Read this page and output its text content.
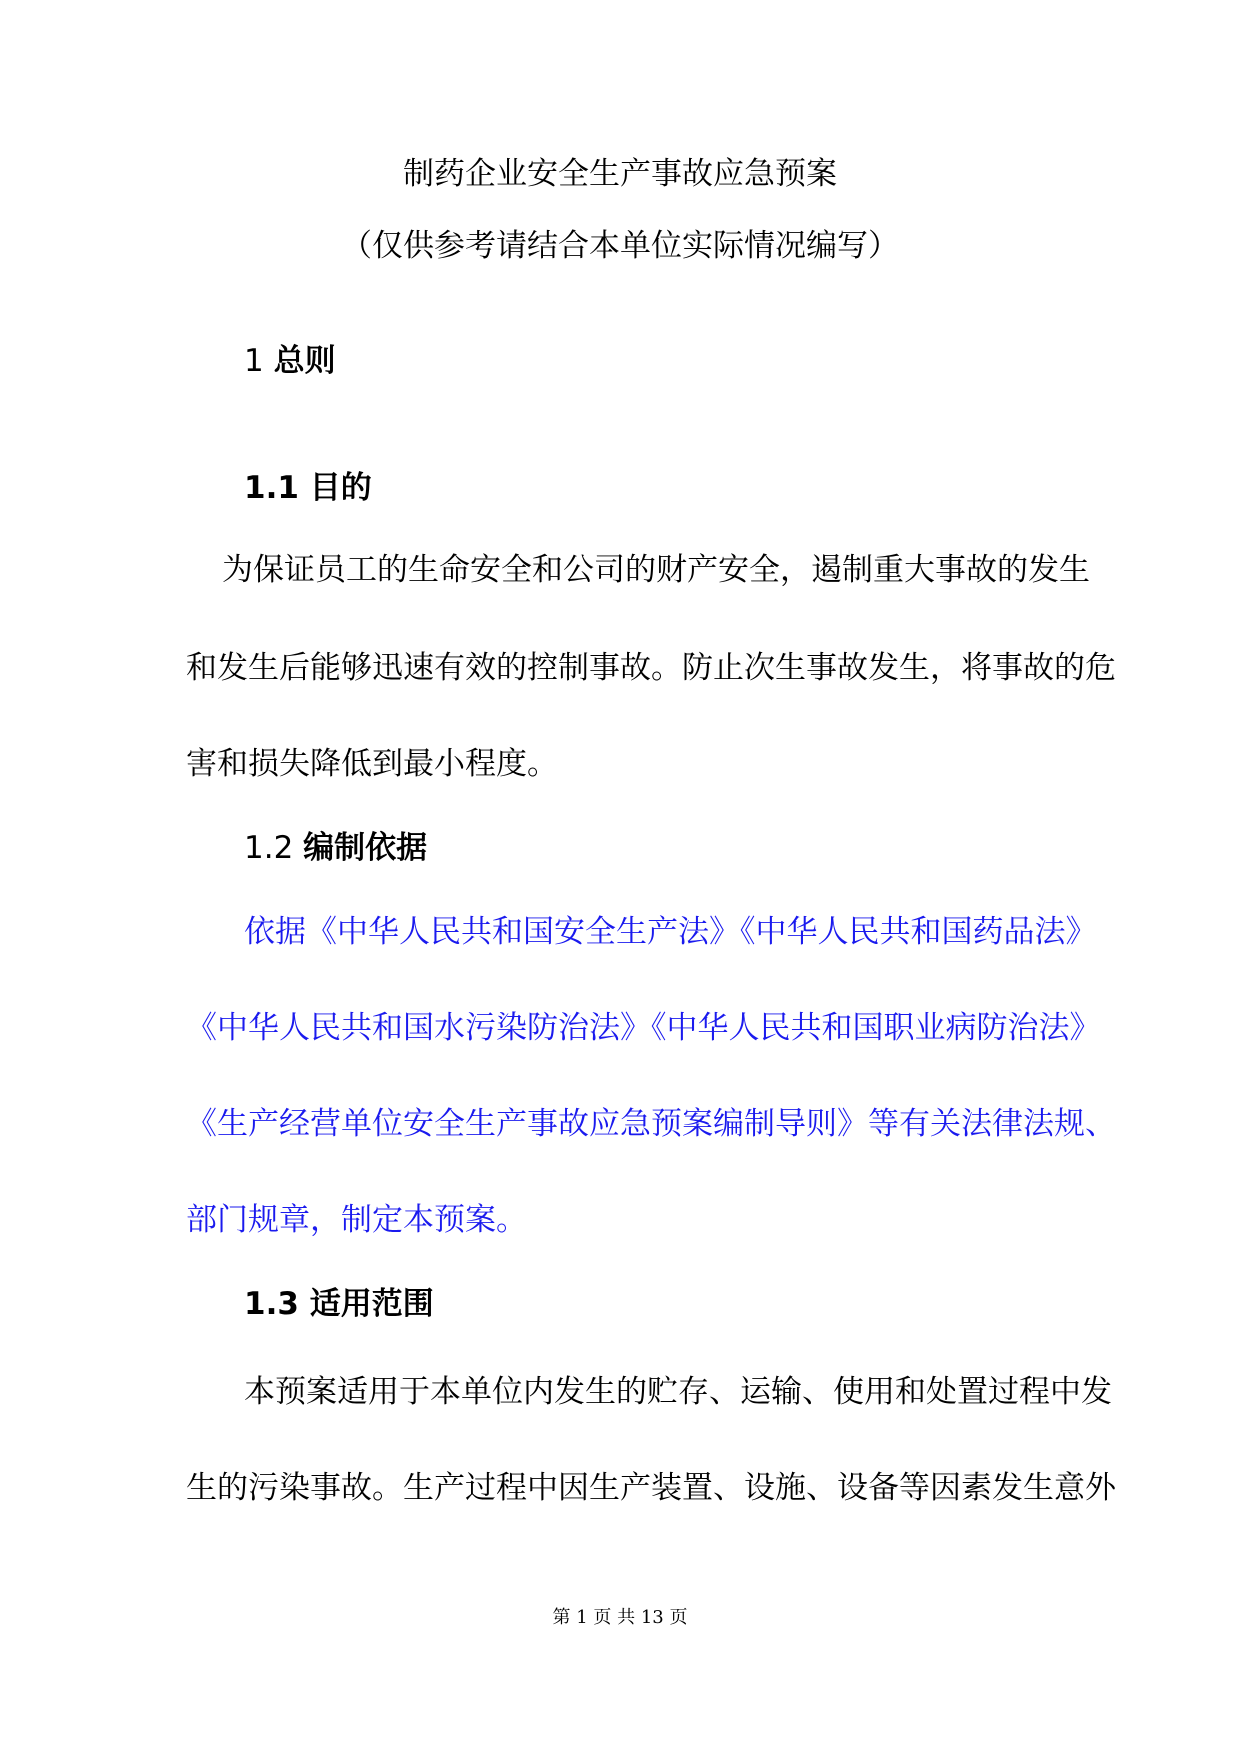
制药企业安全生产事故应急预案
（仅供参考请结合本单位实际情况编写）
1 总则
1.1 目的
为保证员工的生命安全和公司的财产安全，遏制重大事故的发生
和发生后能够迅速有效的控制事故。防止次生事故发生，将事故的危
害和损失降低到最小程度。
1.2 编制依据
依据《中华人民共和国安全生产法》《中华人民共和国药品法》
《中华人民共和国水污染防治法》《中华人民共和国职业病防治法》
《生产经营单位安全生产事故应急预案编制导则》等有关法律法规、
部门规章，制定本预案。
1.3 适用范围
本预案适用于本单位内发生的贮存、运输、使用和处置过程中发
生的污染事故。生产过程中因生产装置、设施、设备等因素发生意外
第 1 页 共 13 页
